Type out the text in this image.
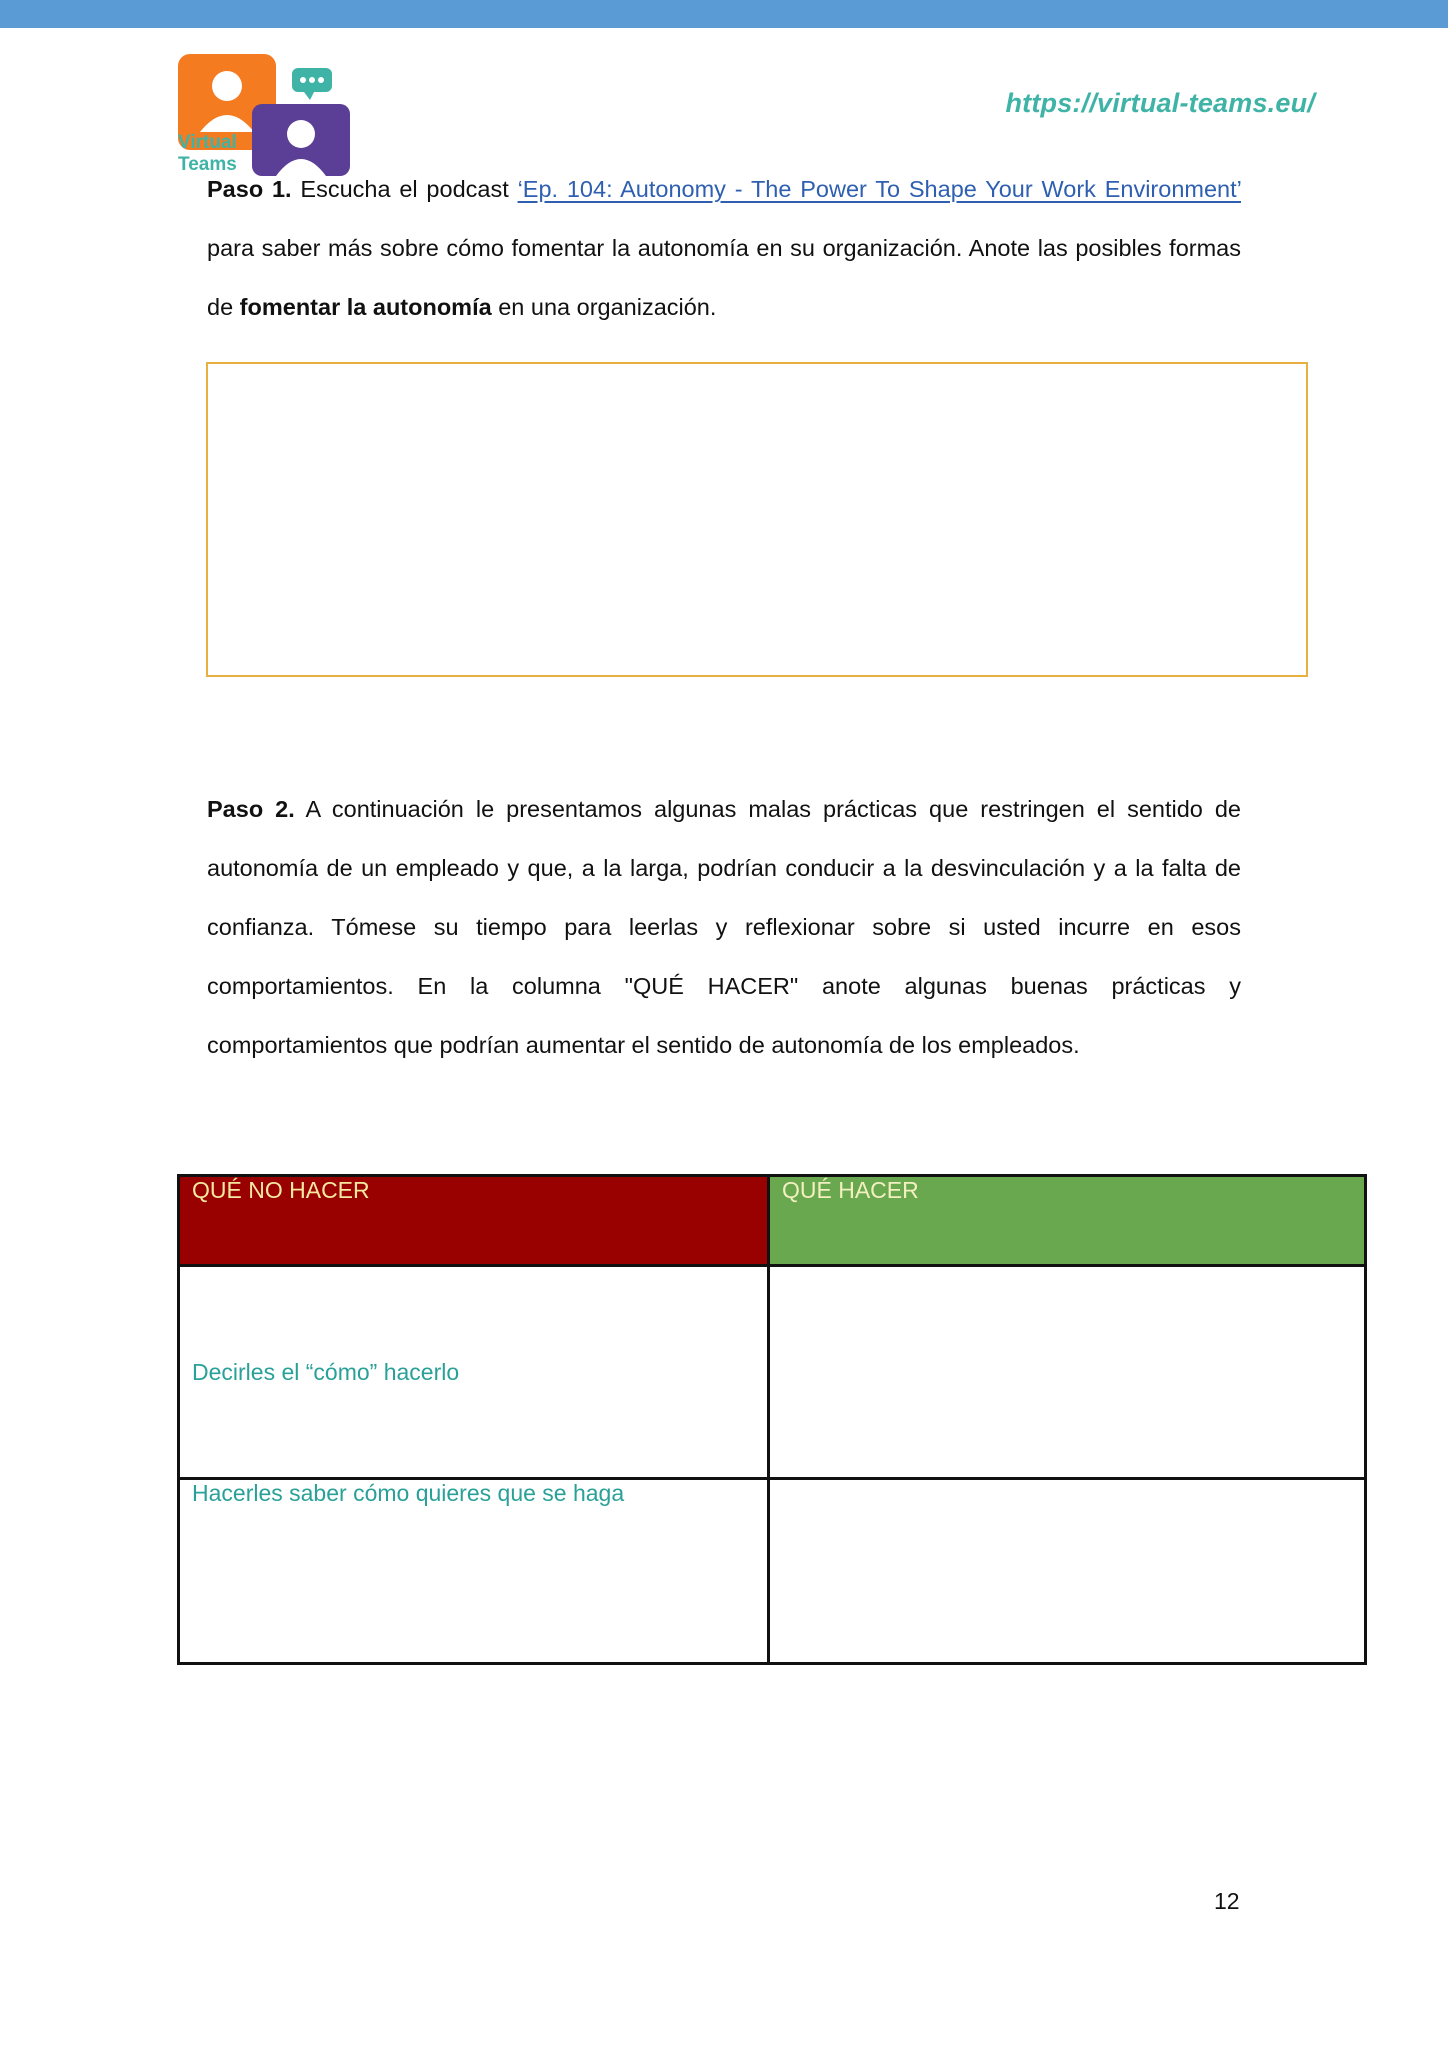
Virtual
Teams
https://virtual-teams.eu/
Paso 1. Escucha el podcast ‘Ep. 104: Autonomy - The Power To Shape Your Work Environment’ para saber más sobre cómo fomentar la autonomía en su organización. Anote las posibles formas de fomentar la autonomía en una organización.
Paso 2. A continuación le presentamos algunas malas prácticas que restringen el sentido de autonomía de un empleado y que, a la larga, podrían conducir a la desvinculación y a la falta de confianza. Tómese su tiempo para leerlas y reflexionar sobre si usted incurre en esos comportamientos. En la columna "QUÉ HACER" anote algunas buenas prácticas y comportamientos que podrían aumentar el sentido de autonomía de los empleados.
QUÉ NO HACER	QUÉ HACER
Decirles el “cómo” hacerlo	
Hacerles saber cómo quieres que se haga	
12
